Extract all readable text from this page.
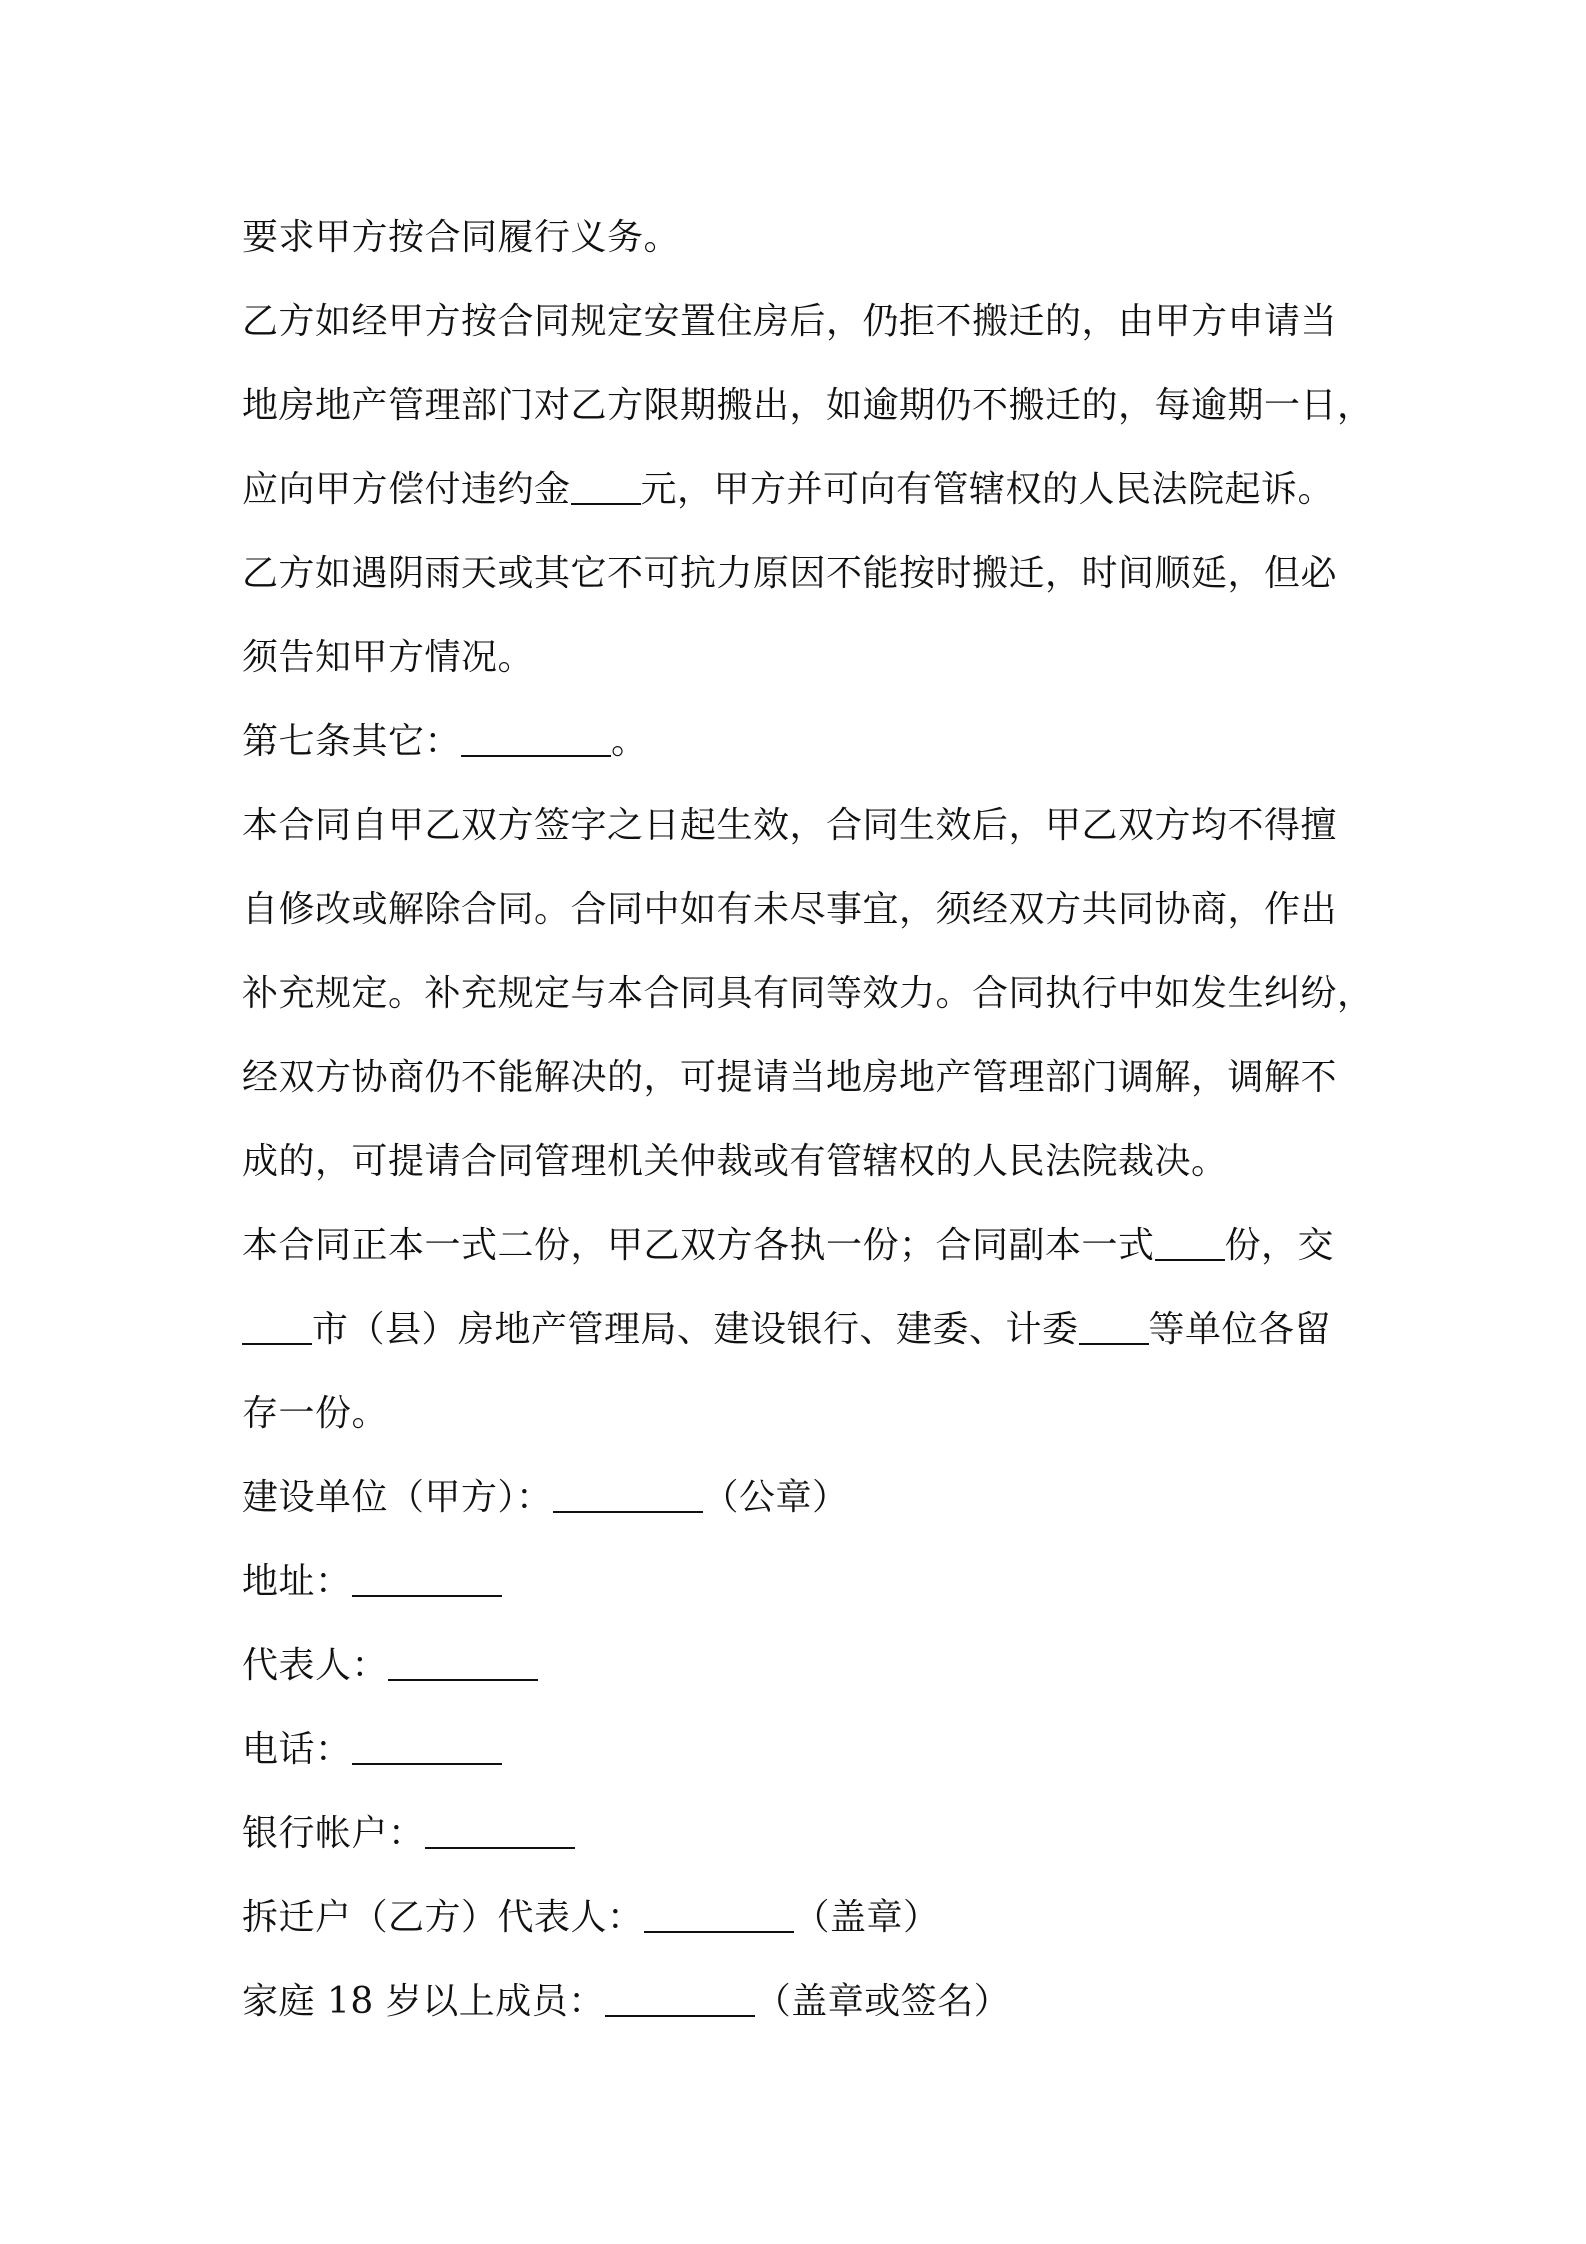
要求甲方按合同履行义务。
乙方如经甲方按合同规定安置住房后，仍拒不搬迁的，由甲方申请当
地房地产管理部门对乙方限期搬出，如逾期仍不搬迁的，每逾期一日，
应向甲方偿付违约金 元，甲方并可向有管辖权的人民法院起诉。
乙方如遇阴雨天或其它不可抗力原因不能按时搬迁，时间顺延，但必
须告知甲方情况。
第七条其它：	。
本合同自甲乙双方签字之日起生效，合同生效后，甲乙双方均不得擅
自修改或解除合同。合同中如有未尽事宜，须经双方共同协商，作出
补充规定。补充规定与本合同具有同等效力。合同执行中如发生纠纷，
经双方协商仍不能解决的，可提请当地房地产管理部门调解，调解不
成的，可提请合同管理机关仲裁或有管辖权的人民法院裁决。
本合同正本一式二份，甲乙双方各执一份；合同副本一式 份，交
市（县）房地产管理局、建设银行、建委、计委 等单位各留
存一份。
建设单位（甲方）：	（公章）
地址：
代表人：
电话：
银行帐户：
拆迁户（乙方）代表人：	（盖章）
家庭 18 岁以上成员：	（盖章或签名）
